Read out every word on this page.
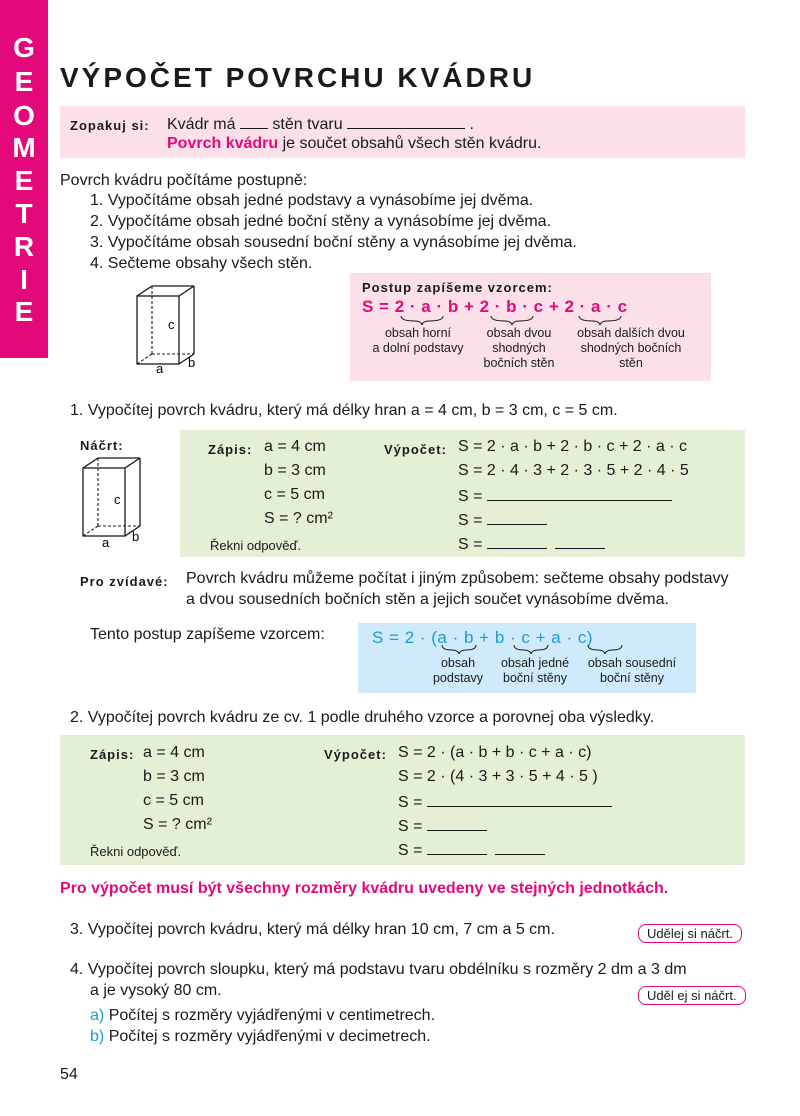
G
E
O
M
E
T
R
I
E
VÝPOČET POVRCHU KVÁDRU
Zopakuj si: Kvádr má stěn tvaru	.
Povrch kvádru je součet obsahů všech stěn kvádru.
Povrch kvádru počítáme postupně:
1. Vypočítáme obsah jedné podstavy a vynásobíme jej dvěma.
2. Vypočítáme obsah jedné boční stěny a vynásobíme jej dvěma.
3. Vypočítáme obsah sousední boční stěny a vynásobíme jej dvěma.
4. Sečteme obsahy všech stěn.
c
a b
Postup zapíšeme vzorcem:
S = 2 · a · b + 2 · b · c + 2 · a · c
obsah horní
a dolní podstavy
obsah dvou
shodných
bočních stěn
obsah dalších dvou
shodných bočních
stěn
1. Vypočítej povrch kvádru, který má délky hran a = 4 cm, b = 3 cm, c = 5 cm.
Náčrt:
c
a b
Zápis: a = 4 cm
b = 3 cm
c = 5 cm
S = ? cm²
Řekni odpověď.
Výpočet: S = 2 · a · b + 2 · b · c + 2 · a · c
S = 2 · 4 · 3 + 2 · 3 · 5 + 2 · 4 · 5
S =
S =
S =
Pro zvídavé: Povrch kvádru můžeme počítat i jiným způsobem: sečteme obsahy podstavy
a dvou sousedních bočních stěn a jejich součet vynásobíme dvěma.
Tento postup zapíšeme vzorcem:	S = 2 · (a · b + b · c + a · c)
obsah
podstavy
obsah jedné
boční stěny
obsah sousední
boční stěny
2. Vypočítej povrch kvádru ze cv. 1 podle druhého vzorce a porovnej oba výsledky.
Zápis: a = 4 cm
b = 3 cm
c = 5 cm
S = ? cm²
Řekni odpověď.
Výpočet: S = 2 · (a · b + b · c + a · c)
S = 2 · (4 · 3 + 3 · 5 + 4 · 5 )
S =
S =
S =
Pro výpočet musí být všechny rozměry kvádru uvedeny ve stejných jednotkách.
3. Vypočítej povrch kvádru, který má délky hran 10 cm, 7 cm a 5 cm.	Udělej si náčrt.
4. Vypočítej povrch sloupku, který má podstavu tvaru obdélníku s rozměry 2 dm a 3 dm
a je vysoký 80 cm.	Uděl ej si náčrt.
a) Počítej s rozměry vyjádřenými v centimetrech.
b) Počítej s rozměry vyjádřenými v decimetrech.
54
